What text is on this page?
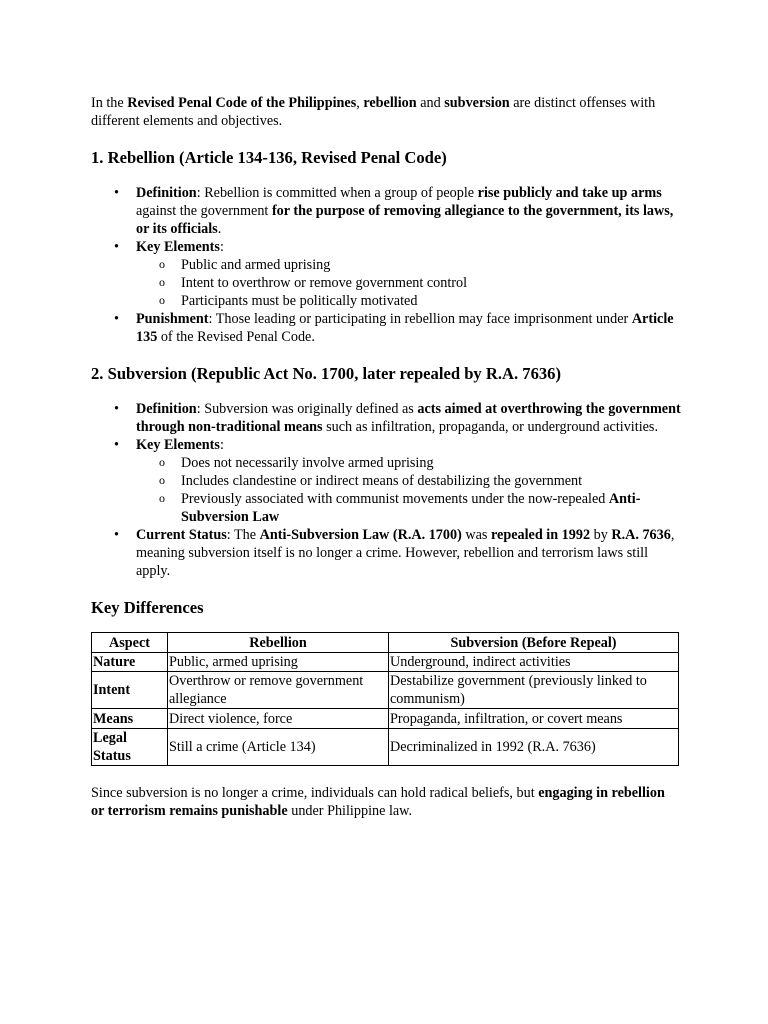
In the Revised Penal Code of the Philippines, rebellion and subversion are distinct offenses with different elements and objectives.

1. Rebellion (Article 134-136, Revised Penal Code)
• Definition: Rebellion is committed when a group of people rise publicly and take up arms against the government for the purpose of removing allegiance to the government, its laws, or its officials.
• Key Elements:
o Public and armed uprising
o Intent to overthrow or remove government control
o Participants must be politically motivated
• Punishment: Those leading or participating in rebellion may face imprisonment under Article 135 of the Revised Penal Code.
2. Subversion (Republic Act No. 1700, later repealed by R.A. 7636)
• Definition: Subversion was originally defined as acts aimed at overthrowing the government through non-traditional means such as infiltration, propaganda, or underground activities.
• Key Elements:
o Does not necessarily involve armed uprising
o Includes clandestine or indirect means of destabilizing the government
o Previously associated with communist movements under the now-repealed Anti-Subversion Law
• Current Status: The Anti-Subversion Law (R.A. 1700) was repealed in 1992 by R.A. 7636, meaning subversion itself is no longer a crime. However, rebellion and terrorism laws still apply.
Key Differences
Aspect	Rebellion	Subversion (Before Repeal)
Nature	Public, armed uprising	Underground, indirect activities
Intent	Overthrow or remove government allegiance	Destabilize government (previously linked to communism)
Means	Direct violence, force	Propaganda, infiltration, or covert means
Legal Status	Still a crime (Article 134)	Decriminalized in 1992 (R.A. 7636)

Since subversion is no longer a crime, individuals can hold radical beliefs, but engaging in rebellion or terrorism remains punishable under Philippine law.
